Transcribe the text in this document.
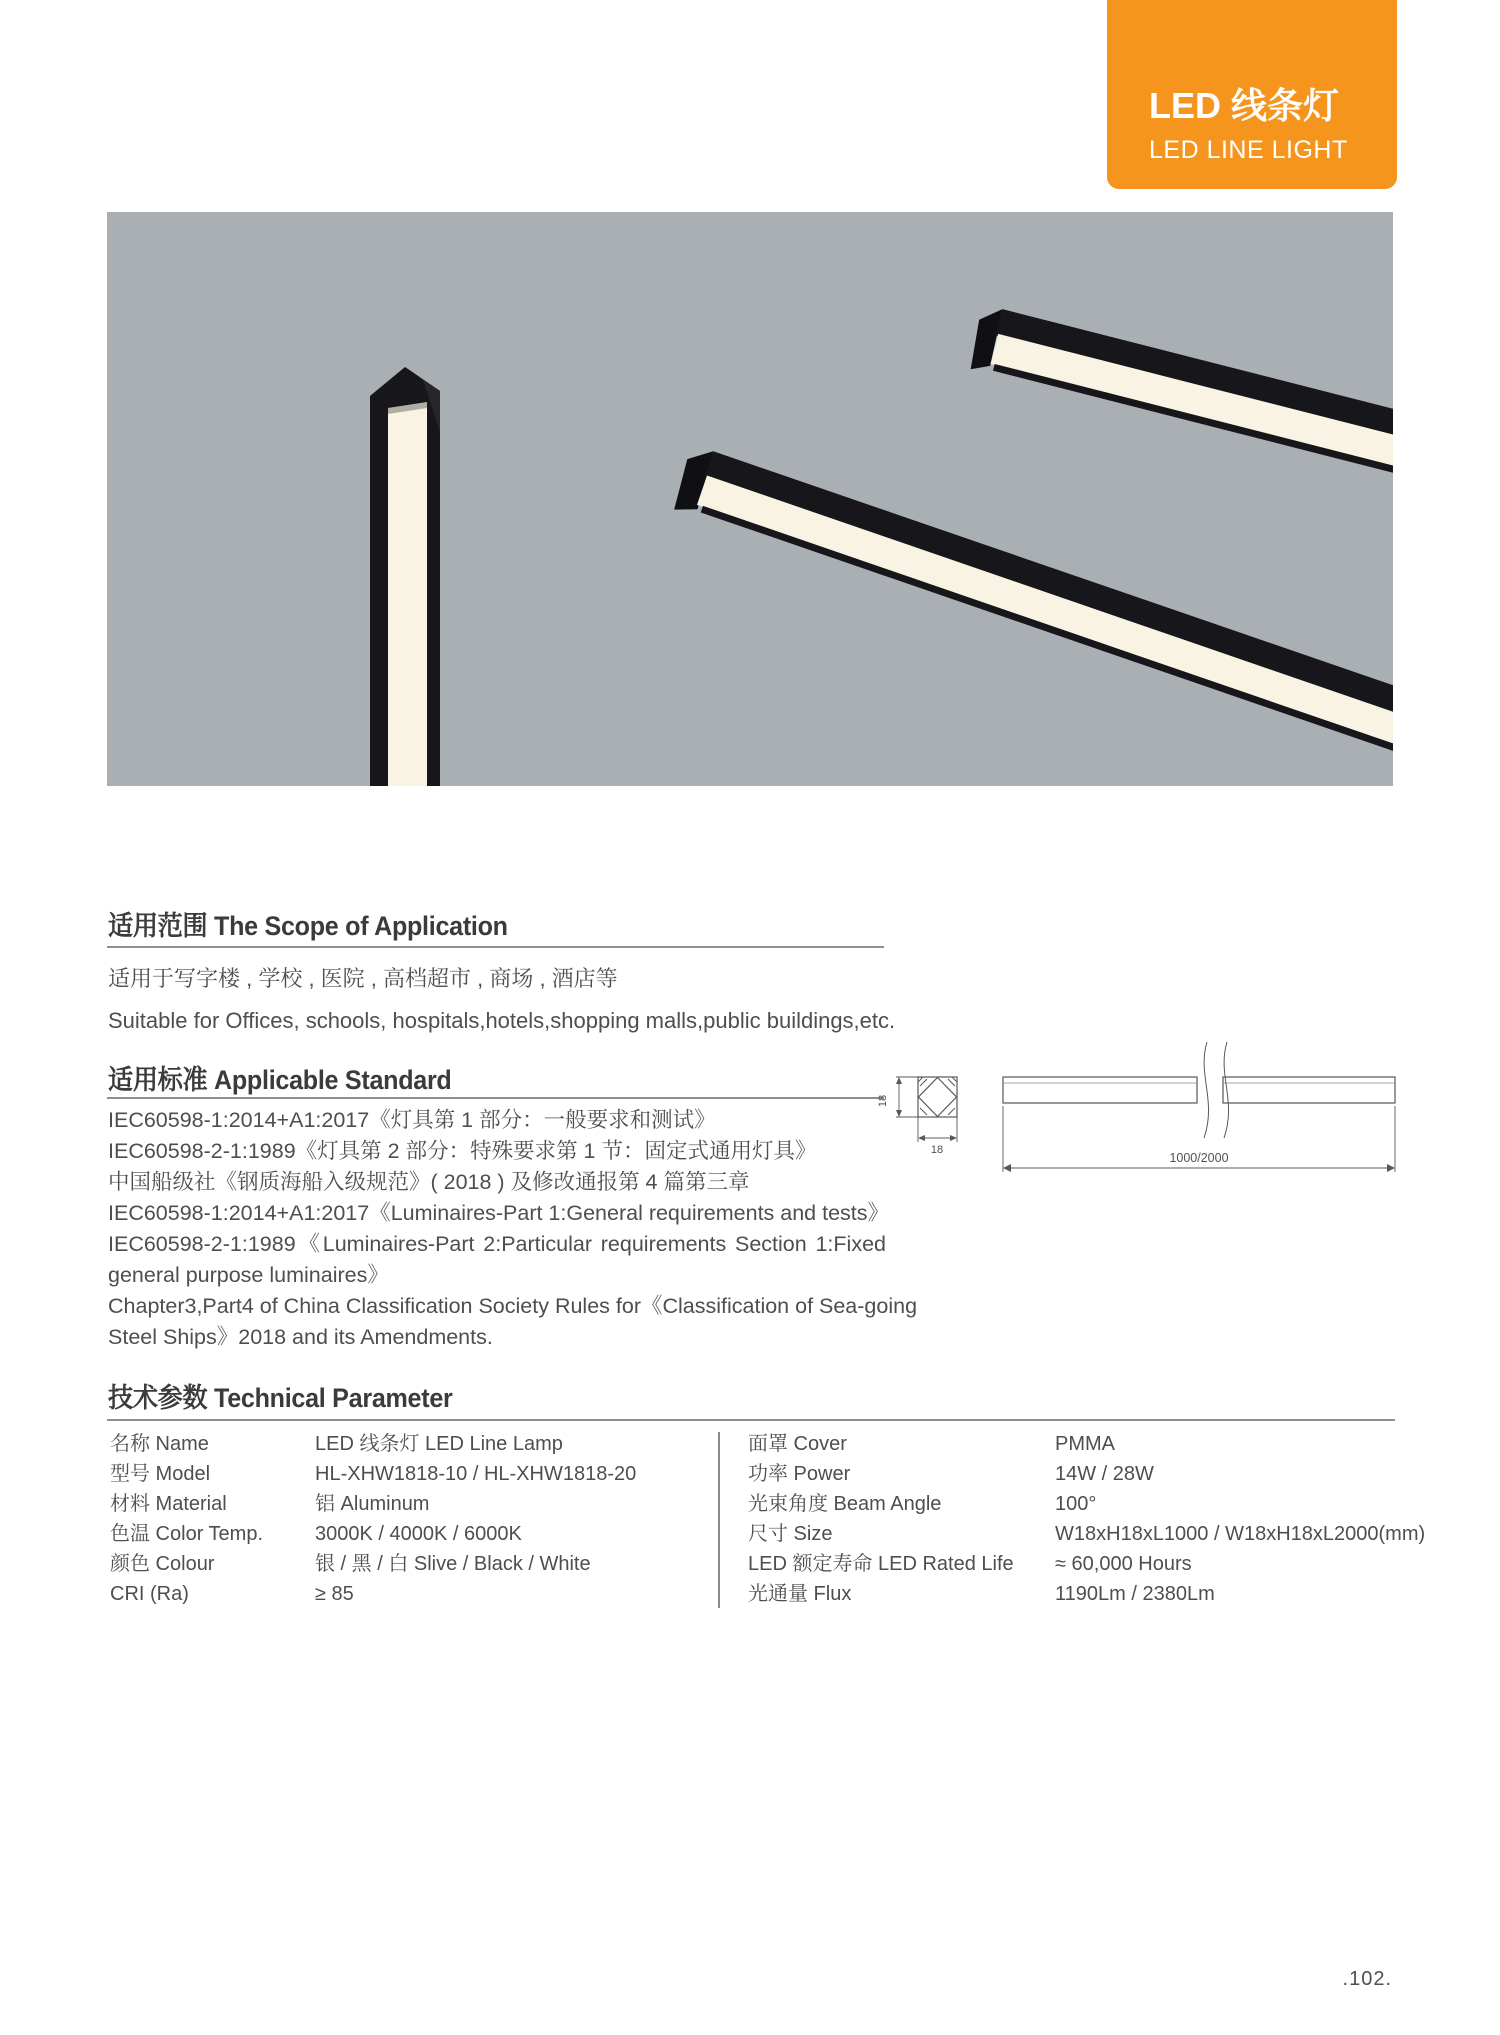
LED 线条灯
LED LINE LIGHT
适用范围 The Scope of Application
适用于写字楼 , 学校 , 医院 , 高档超市 , 商场 , 酒店等
Suitable for Offices, schools, hospitals,hotels,shopping malls,public buildings,etc.
适用标准 Applicable Standard
IEC60598-1:2014+A1:2017《灯具第 1 部分：一般要求和测试》
IEC60598-2-1:1989《灯具第 2 部分：特殊要求第 1 节：固定式通用灯具》
中国船级社《钢质海船入级规范》( 2018 ) 及修改通报第 4 篇第三章
IEC60598-1:2014+A1:2017《Luminaires-Part 1:General requirements and tests》
IEC60598-2-1:1989《Luminaires-Part 2:Particular requirements Section 1:Fixed
general purpose luminaires》
Chapter3,Part4 of China Classification Society Rules for《Classification of Sea-going
Steel Ships》2018 and its Amendments.
18
18
1000/2000
技术参数 Technical Parameter
名称 Name	LED 线条灯 LED Line Lamp
型号 Model	HL-XHW1818-10 / HL-XHW1818-20
材料 Material	铝 Aluminum
色温 Color Temp.	3000K / 4000K / 6000K
颜色 Colour	银 / 黑 / 白 Slive / Black / White
CRI (Ra)	≥ 85
面罩 Cover	PMMA
功率 Power	14W / 28W
光束角度 Beam Angle	100°
尺寸 Size	W18xH18xL1000 / W18xH18xL2000(mm)
LED 额定寿命 LED Rated Life ≈ 60,000 Hours
光通量 Flux	1190Lm / 2380Lm
.102.
